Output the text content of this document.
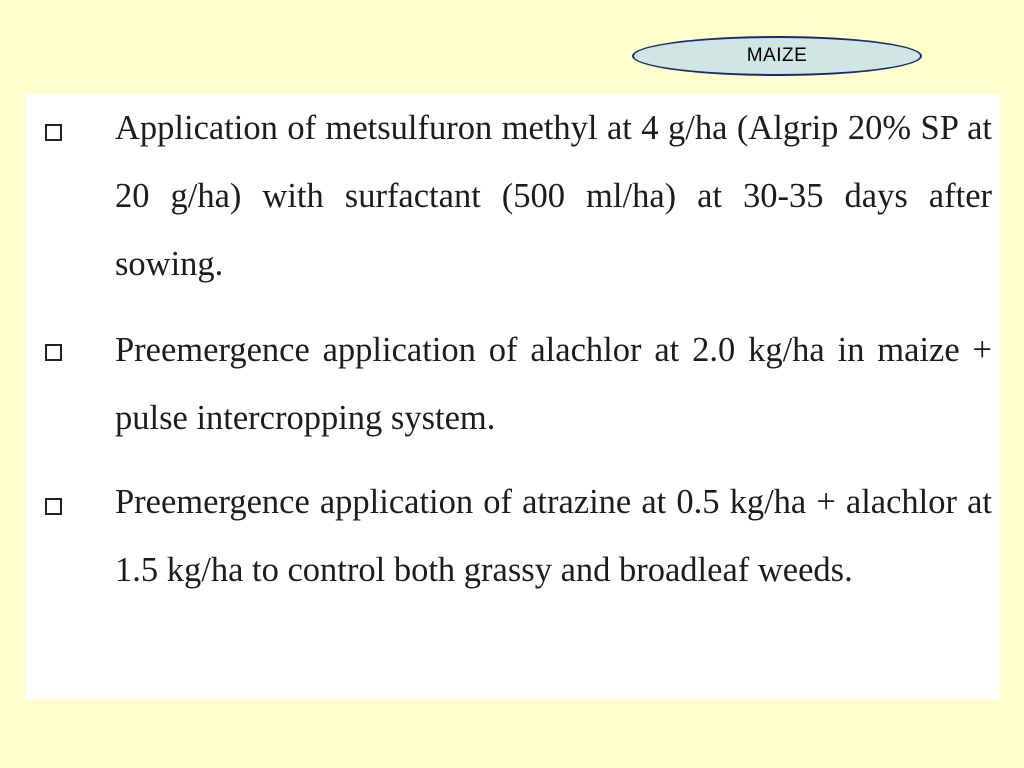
MAIZE
Application of metsulfuron methyl at 4 g/ha (Algrip 20% SP at 20 g/ha) with surfactant (500 ml/ha) at 30-35 days after sowing.
Preemergence application of alachlor at 2.0 kg/ha in maize + pulse intercropping system.
Preemergence application of atrazine at 0.5 kg/ha + alachlor at 1.5 kg/ha to control both grassy and broadleaf weeds.
